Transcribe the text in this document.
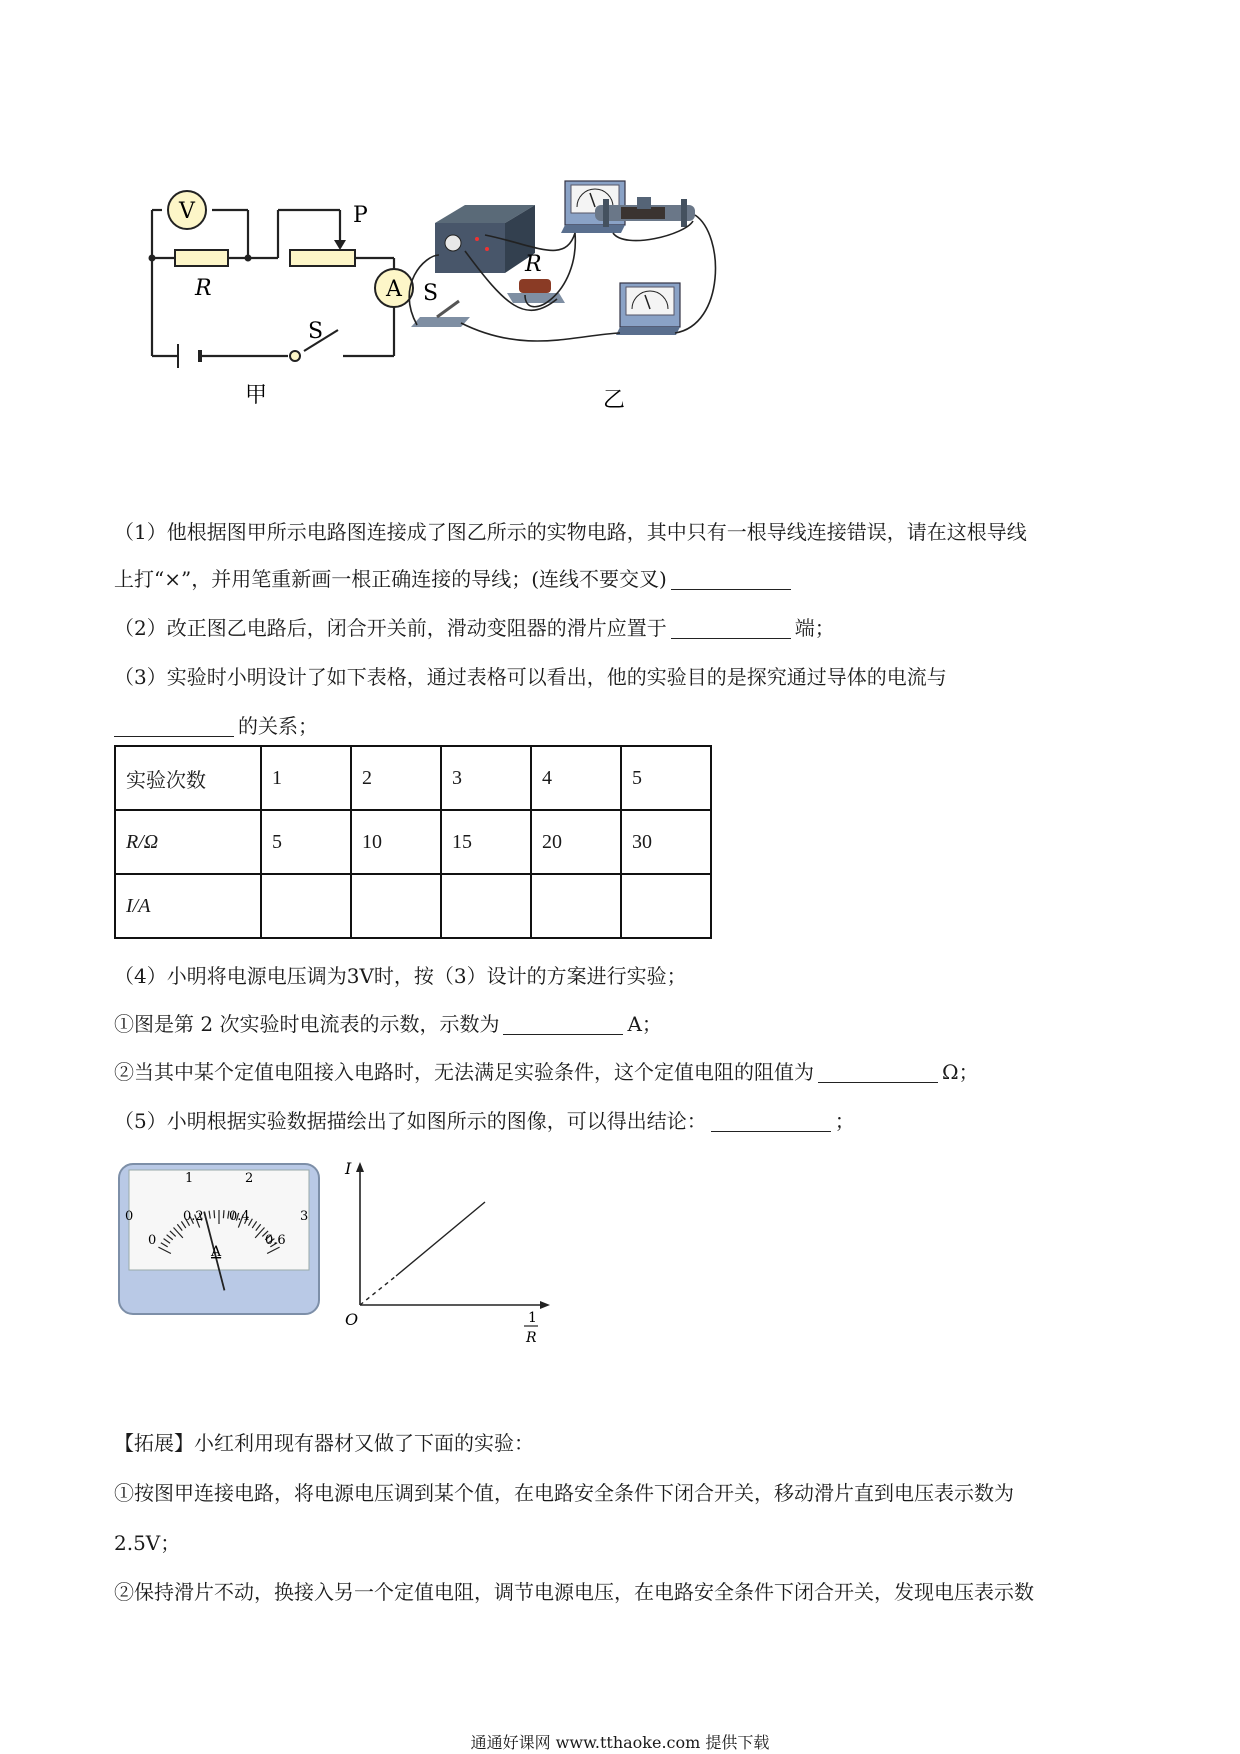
V
R
P
A
S
甲
R
S
乙
（1）他根据图甲所示电路图连接成了图乙所示的实物电路，其中只有一根导线连接错误，请在这根导线
上打“×”，并用笔重新画一根正确连接的导线；(连线不要交叉)
（2）改正图乙电路后，闭合开关前，滑动变阻器的滑片应置于	端；
（3）实验时小明设计了如下表格，通过表格可以看出，他的实验目的是探究通过导体的电流与
的关系；
实验次数	1	2	3	4	5
R/Ω	5	10	15	20	30
I/A					
（4）小明将电源电压调为3V时，按（3）设计的方案进行实验；
①图是第 2 次实验时电流表的示数，示数为	A；
②当其中某个定值电阻接入电路时，无法满足实验条件，这个定值电阻的阻值为	Ω；
（5）小明根据实验数据描绘出了如图所示的图像，可以得出结论：	；
0
1	2
3
0
0.2 0.4
0.6
A
I
O	1
R
【拓展】小红利用现有器材又做了下面的实验：
①按图甲连接电路，将电源电压调到某个值，在电路安全条件下闭合开关，移动滑片直到电压表示数为
2.5V；
②保持滑片不动，换接入另一个定值电阻，调节电源电压，在电路安全条件下闭合开关，发现电压表示数
通通好课网 www.tthaoke.com 提供下载
